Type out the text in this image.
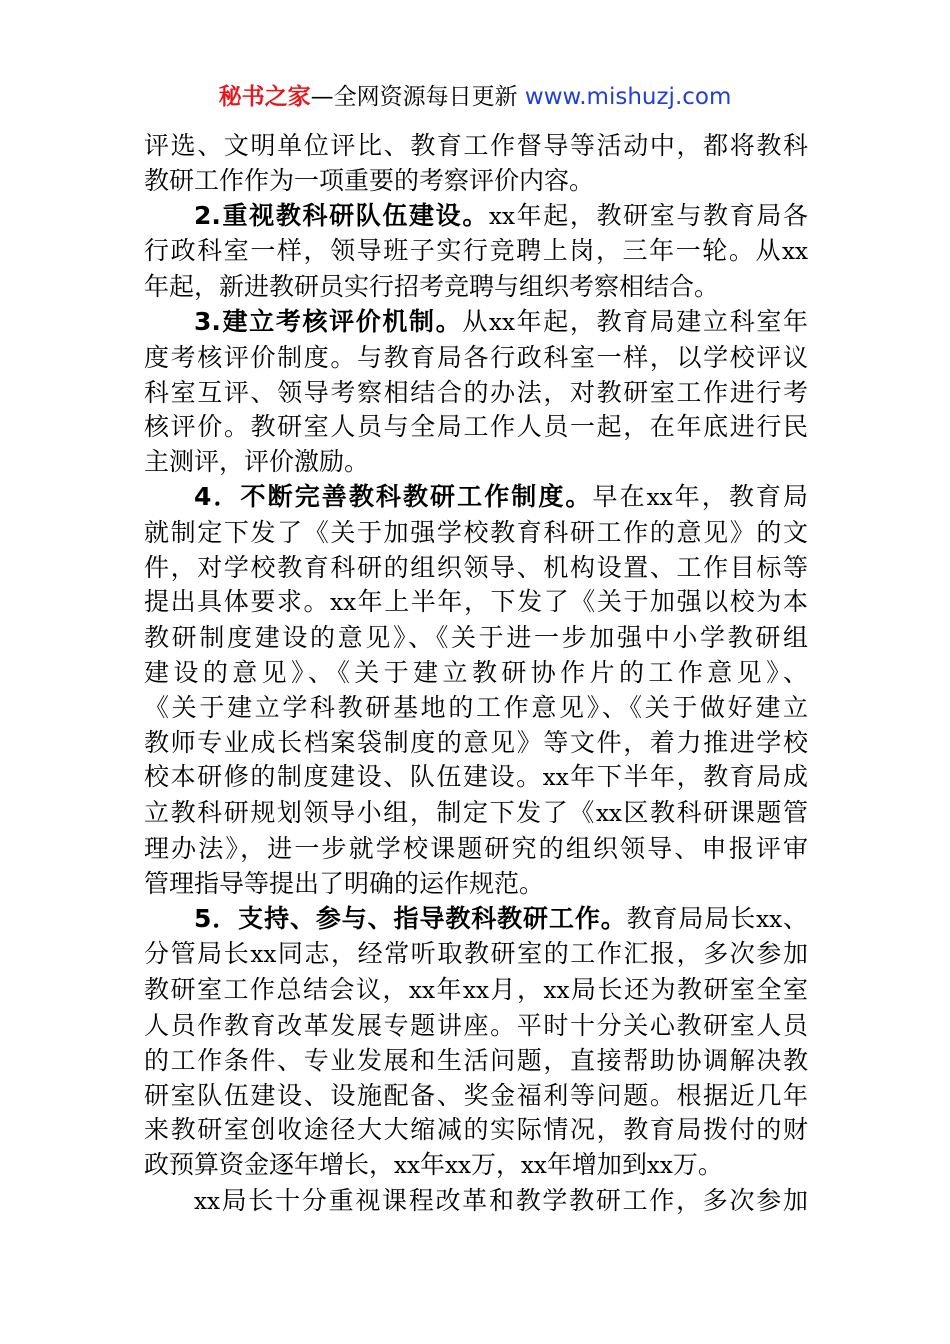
秘书之家—全网资源每日更新 www.mishuzj.com

评选、文明单位评比、教育工作督导等活动中，都将教科
教研工作作为一项重要的考察评价内容。

2.重视教科研队伍建设。xx年起，教研室与教育局各
行政科室一样，领导班子实行竞聘上岗，三年一轮。从xx
年起，新进教研员实行招考竞聘与组织考察相结合。

3.建立考核评价机制。从xx年起，教育局建立科室年
度考核评价制度。与教育局各行政科室一样，以学校评议
科室互评、领导考察相结合的办法，对教研室工作进行考
核评价。教研室人员与全局工作人员一起，在年底进行民
主测评，评价激励。

4．不断完善教科教研工作制度。早在xx年，教育局
就制定下发了《关于加强学校教育科研工作的意见》的文
件，对学校教育科研的组织领导、机构设置、工作目标等
提出具体要求。xx年上半年，下发了《关于加强以校为本
教研制度建设的意见》、《关于进一步加强中小学教研组
建设的意见》、《关于建立教研协作片的工作意见》、
《关于建立学科教研基地的工作意见》、《关于做好建立
教师专业成长档案袋制度的意见》等文件，着力推进学校
校本研修的制度建设、队伍建设。xx年下半年，教育局成
立教科研规划领导小组，制定下发了《xx区教科研课题管
理办法》，进一步就学校课题研究的组织领导、申报评审
管理指导等提出了明确的运作规范。

5．支持、参与、指导教科教研工作。教育局局长xx、
分管局长xx同志，经常听取教研室的工作汇报，多次参加
教研室工作总结会议，xx年xx月，xx局长还为教研室全室
人员作教育改革发展专题讲座。平时十分关心教研室人员
的工作条件、专业发展和生活问题，直接帮助协调解决教
研室队伍建设、设施配备、奖金福利等问题。根据近几年
来教研室创收途径大大缩减的实际情况，教育局拨付的财
政预算资金逐年增长，xx年xx万，xx年增加到xx万。

xx局长十分重视课程改革和教学教研工作，多次参加
